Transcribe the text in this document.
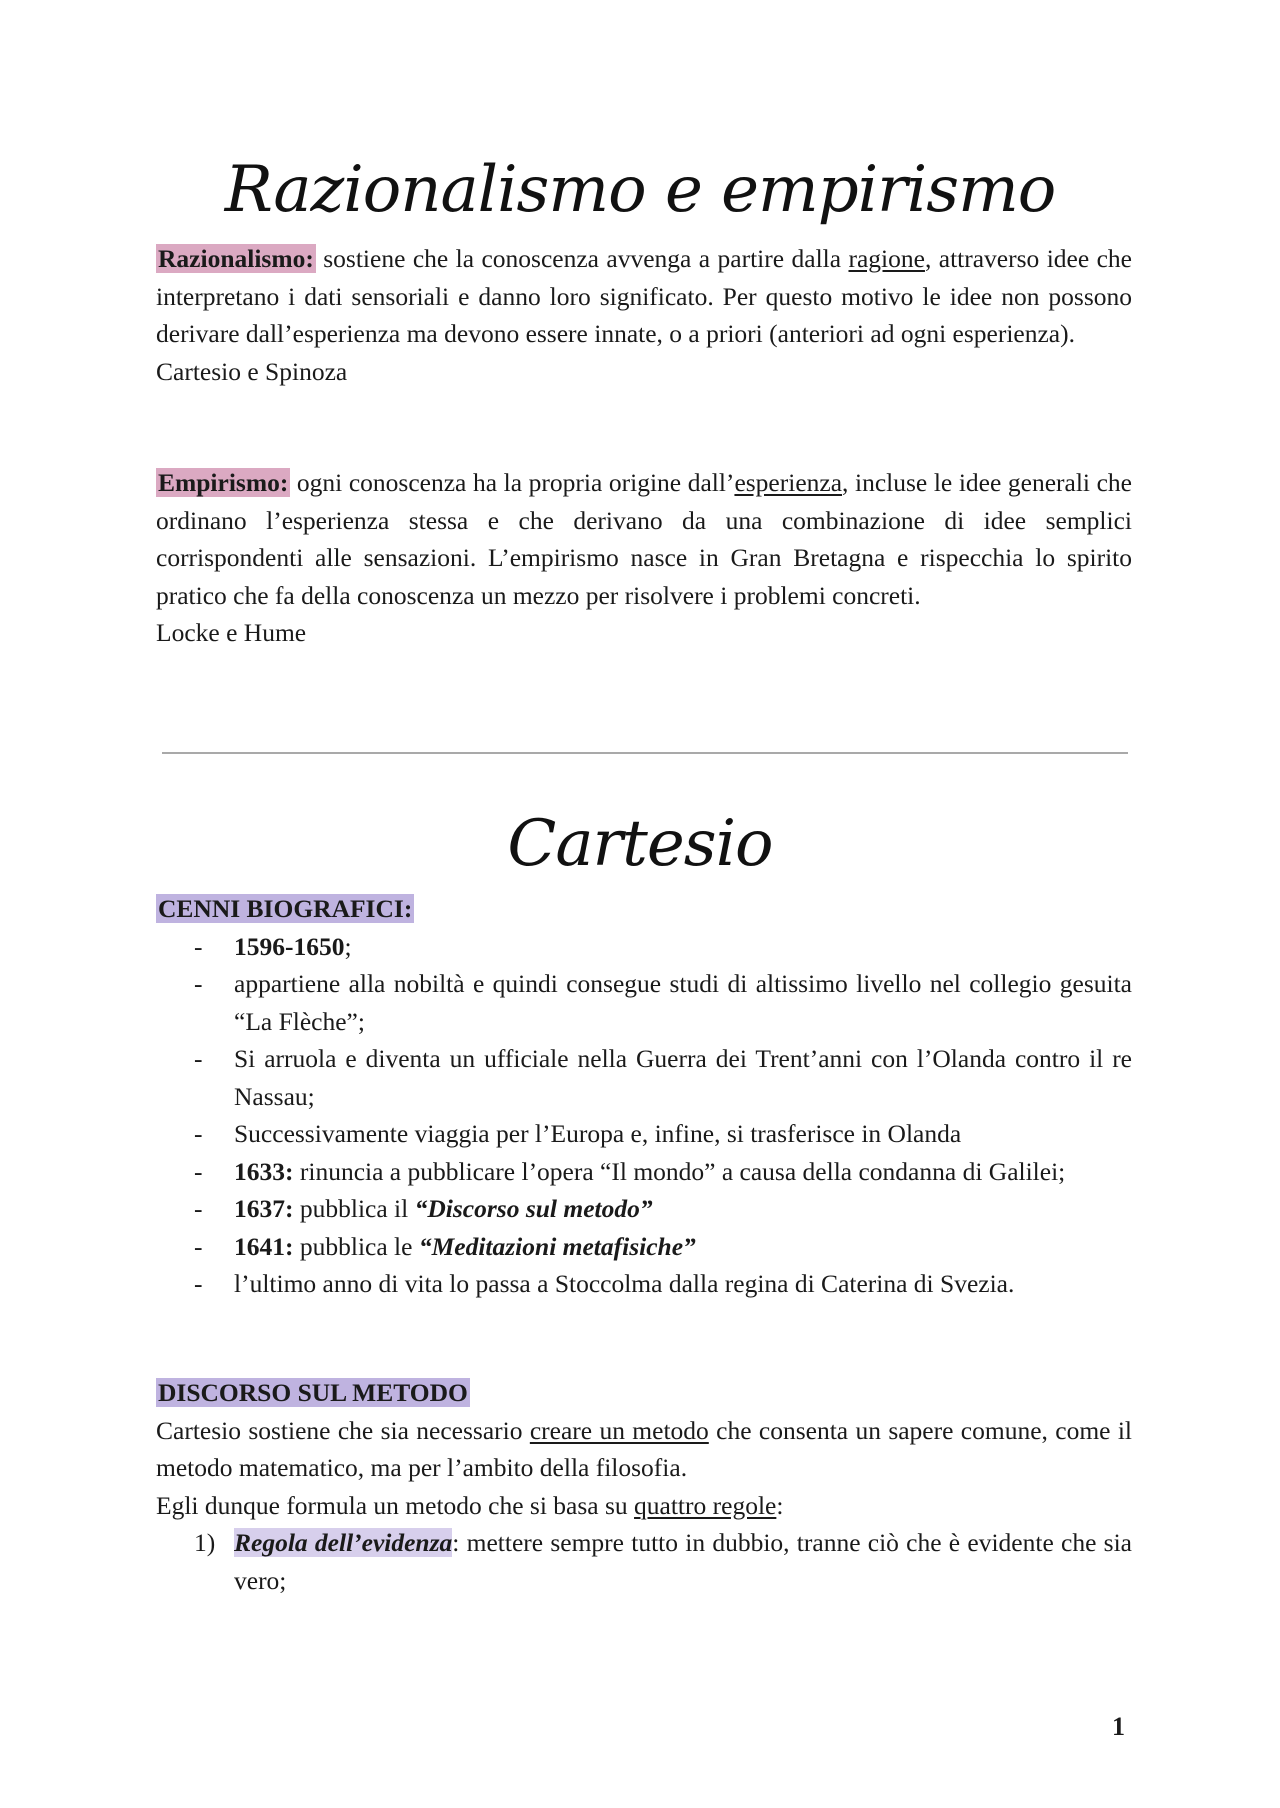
Razionalismo e empirismo

Razionalismo: sostiene che la conoscenza avvenga a partire dalla ragione, attraverso idee che interpretano i dati sensoriali e danno loro significato. Per questo motivo le idee non possono derivare dall’esperienza ma devono essere innate, o a priori (anteriori ad ogni esperienza).

Cartesio e Spinoza

Empirismo: ogni conoscenza ha la propria origine dall’esperienza, incluse le idee generali che ordinano l’esperienza stessa e che derivano da una combinazione di idee semplici corrispondenti alle sensazioni. L’empirismo nasce in Gran Bretagna e rispecchia lo spirito pratico che fa della conoscenza un mezzo per risolvere i problemi concreti.

Locke e Hume

Cartesio

CENNI BIOGRAFICI:

- 1596-1650;
- appartiene alla nobiltà e quindi consegue studi di altissimo livello nel collegio gesuita “La Flèche”;
- Si arruola e diventa un ufficiale nella Guerra dei Trent’anni con l’Olanda contro il re Nassau;
- Successivamente viaggia per l’Europa e, infine, si trasferisce in Olanda
- 1633: rinuncia a pubblicare l’opera “Il mondo” a causa della condanna di Galilei;
- 1637: pubblica il “Discorso sul metodo”
- 1641: pubblica le “Meditazioni metafisiche”
- l’ultimo anno di vita lo passa a Stoccolma dalla regina di Caterina di Svezia.

DISCORSO SUL METODO

Cartesio sostiene che sia necessario creare un metodo che consenta un sapere comune, come il metodo matematico, ma per l’ambito della filosofia.

Egli dunque formula un metodo che si basa su quattro regole:

1) Regola dell’evidenza: mettere sempre tutto in dubbio, tranne ciò che è evidente che sia vero;
1
